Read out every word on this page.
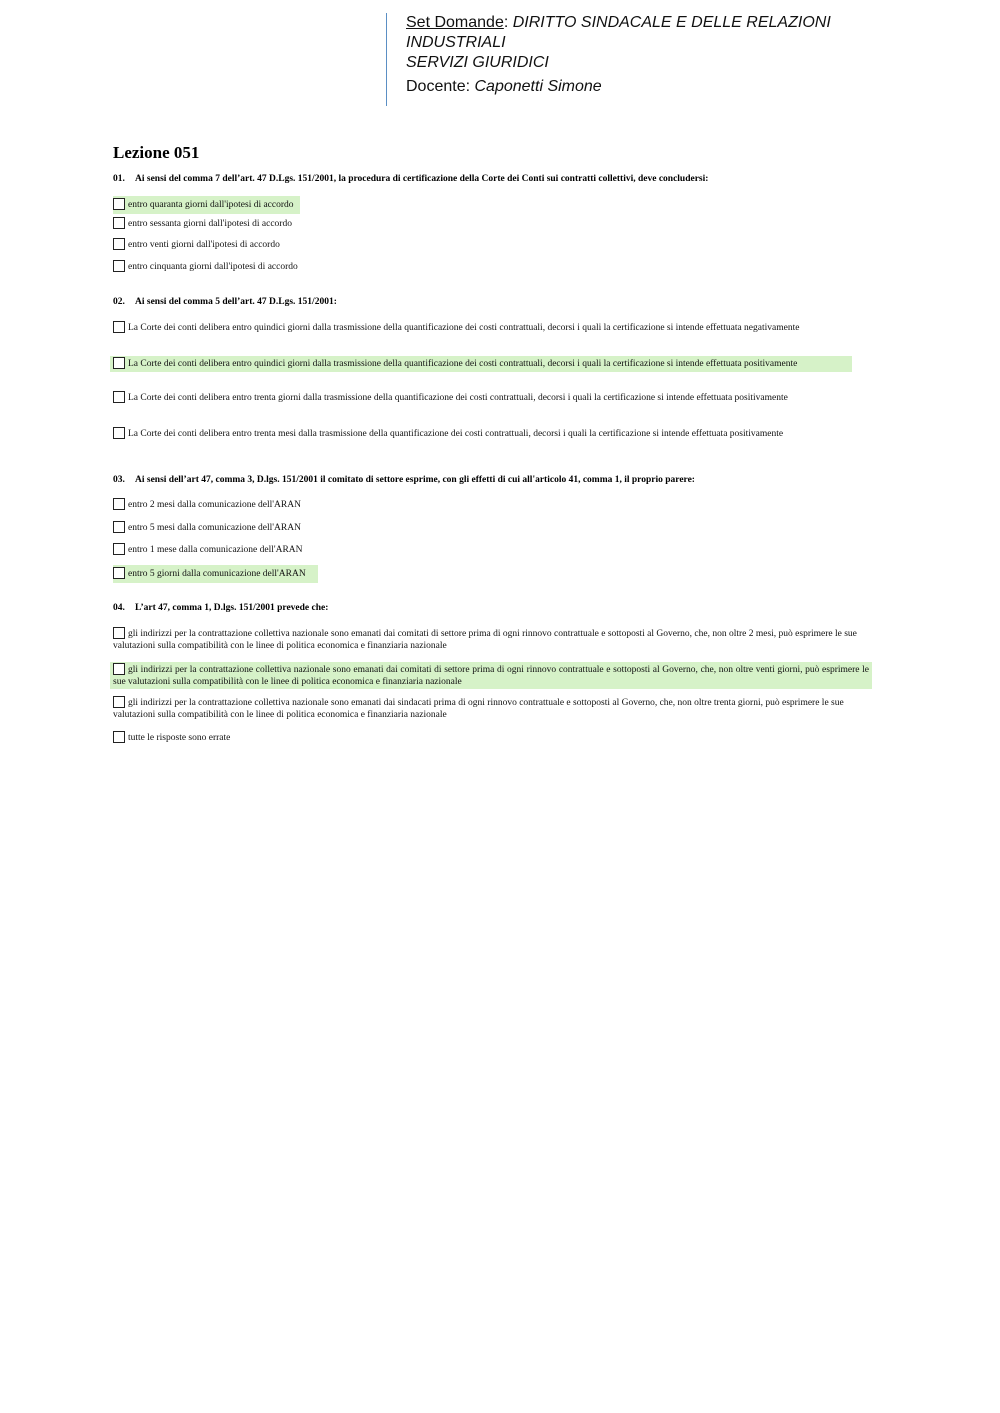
Set Domande: DIRITTO SINDACALE E DELLE RELAZIONI
INDUSTRIALI
SERVIZI GIURIDICI
Docente: Caponetti Simone
Lezione 051
01. Ai sensi del comma 7 dell’art. 47 D.Lgs. 151/2001, la procedura di certificazione della Corte dei Conti sui contratti collettivi, deve concludersi:
entro quaranta giorni dall'ipotesi di accordo
entro sessanta giorni dall'ipotesi di accordo
entro venti giorni dall'ipotesi di accordo
entro cinquanta giorni dall'ipotesi di accordo
02. Ai sensi del comma 5 dell’art. 47 D.Lgs. 151/2001:
La Corte dei conti delibera entro quindici giorni dalla trasmissione della quantificazione dei costi contrattuali, decorsi i quali la certificazione si intende effettuata negativamente
La Corte dei conti delibera entro quindici giorni dalla trasmissione della quantificazione dei costi contrattuali, decorsi i quali la certificazione si intende effettuata positivamente
La Corte dei conti delibera entro trenta giorni dalla trasmissione della quantificazione dei costi contrattuali, decorsi i quali la certificazione si intende effettuata positivamente
La Corte dei conti delibera entro trenta mesi dalla trasmissione della quantificazione dei costi contrattuali, decorsi i quali la certificazione si intende effettuata positivamente
03. Ai sensi dell’art 47, comma 3, D.lgs. 151/2001 il comitato di settore esprime, con gli effetti di cui all'articolo 41, comma 1, il proprio parere:
entro 2 mesi dalla comunicazione dell'ARAN
entro 5 mesi dalla comunicazione dell'ARAN
entro 1 mese dalla comunicazione dell'ARAN
entro 5 giorni dalla comunicazione dell'ARAN
04. L’art 47, comma 1, D.lgs. 151/2001 prevede che:
gli indirizzi per la contrattazione collettiva nazionale sono emanati dai comitati di settore prima di ogni rinnovo contrattuale e sottoposti al Governo, che, non oltre 2 mesi, può esprimere le sue valutazioni sulla compatibilità con le linee di politica economica e finanziaria nazionale
gli indirizzi per la contrattazione collettiva nazionale sono emanati dai comitati di settore prima di ogni rinnovo contrattuale e sottoposti al Governo, che, non oltre venti giorni, può esprimere le sue valutazioni sulla compatibilità con le linee di politica economica e finanziaria nazionale
gli indirizzi per la contrattazione collettiva nazionale sono emanati dai sindacati prima di ogni rinnovo contrattuale e sottoposti al Governo, che, non oltre trenta giorni, può esprimere le sue valutazioni sulla compatibilità con le linee di politica economica e finanziaria nazionale
tutte le risposte sono errate
